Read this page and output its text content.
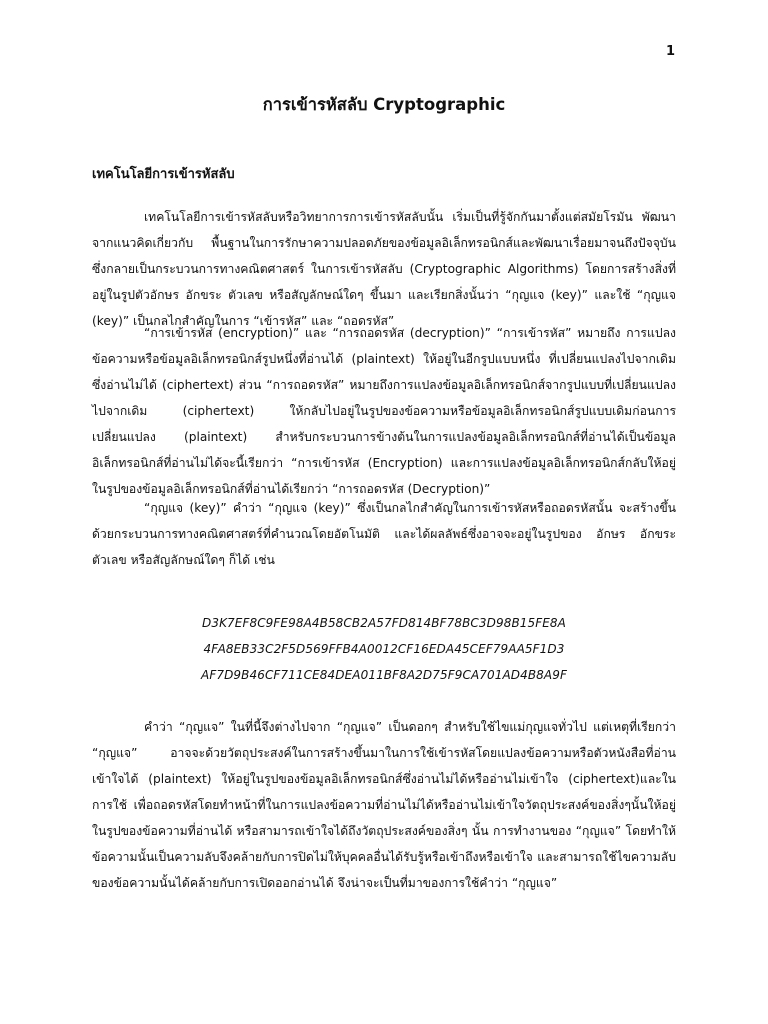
1
การเข้ารหัสลับ Cryptographic
เทคโนโลยีการเข้ารหัสลับ

เทคโนโลยีการเข้ารหัสลับหรือวิทยาการการเข้ารหัสลับนั้น เริ่มเป็นที่รู้จักกันมาตั้งแต่สมัยโรมัน พัฒนาจากแนวคิดเกี่ยวกับ พื้นฐานในการรักษาความปลอดภัยของข้อมูลอิเล็กทรอนิกส์และพัฒนาเรื่อยมาจนถึงปัจจุบัน ซึ่งกลายเป็นกระบวนการทางคณิตศาสตร์ ในการเข้ารหัสลับ (Cryptographic Algorithms) โดยการสร้างสิ่งที่อยู่ในรูปตัวอักษร อักขระ ตัวเลข หรือสัญลักษณ์ใดๆ ขึ้นมา และเรียกสิ่งนั้นว่า “กุญแจ (key)” และใช้ “กุญแจ (key)” เป็นกลไกสำคัญในการ “เข้ารหัส” และ “ถอดรหัส”

“การเข้ารหัส (encryption)” และ “การถอดรหัส (decryption)” “การเข้ารหัส” หมายถึง การแปลงข้อความหรือข้อมูลอิเล็กทรอนิกส์รูปหนึ่งที่อ่านได้ (plaintext) ให้อยู่ในอีกรูปแบบหนึ่ง ที่เปลี่ยนแปลงไปจากเดิมซึ่งอ่านไม่ได้ (ciphertext) ส่วน “การถอดรหัส” หมายถึงการแปลงข้อมูลอิเล็กทรอนิกส์จากรูปแบบที่เปลี่ยนแปลงไปจากเดิม (ciphertext) ให้กลับไปอยู่ในรูปของข้อความหรือข้อมูลอิเล็กทรอนิกส์รูปแบบเดิมก่อนการเปลี่ยนแปลง (plaintext) สำหรับกระบวนการข้างต้นในการแปลงข้อมูลอิเล็กทรอนิกส์ที่อ่านได้เป็นข้อมูลอิเล็กทรอนิกส์ที่อ่านไม่ได้จะนี้เรียกว่า “การเข้ารหัส (Encryption) และการแปลงข้อมูลอิเล็กทรอนิกส์กลับให้อยู่ในรูปของข้อมูลอิเล็กทรอนิกส์ที่อ่านได้เรียกว่า “การถอดรหัส (Decryption)”

“กุญแจ (key)” คำว่า “กุญแจ (key)” ซึ่งเป็นกลไกสำคัญในการเข้ารหัสหรือถอดรหัสนั้น จะสร้างขึ้นด้วยกระบวนการทางคณิตศาสตร์ที่คำนวณโดยอัตโนมัติ และได้ผลลัพธ์ซึ่งอาจจะอยู่ในรูปของ อักษร อักขระ ตัวเลข หรือสัญลักษณ์ใดๆ ก็ได้ เช่น

D3K7EF8C9FE98A4B58CB2A57FD814BF78BC3D98B15FE8A
4FA8EB33C2F5D569FFB4A0012CF16EDA45CEF79AA5F1D3
AF7D9B46CF711CE84DEA011BF8A2D75F9CA701AD4B8A9F

คำว่า “กุญแจ” ในที่นี้จึงต่างไปจาก “กุญแจ” เป็นดอกๆ สำหรับใช้ไขแม่กุญแจทั่วไป แต่เหตุที่เรียกว่า “กุญแจ” อาจจะด้วยวัตถุประสงค์ในการสร้างขึ้นมาในการใช้เข้ารหัสโดยแปลงข้อความหรือตัวหนังสือที่อ่านเข้าใจได้ (plaintext) ให้อยู่ในรูปของข้อมูลอิเล็กทรอนิกส์ซึ่งอ่านไม่ได้หรืออ่านไม่เข้าใจ (ciphertext)และในการใช้ เพื่อถอดรหัสโดยทำหน้าที่ในการแปลงข้อความที่อ่านไม่ได้หรืออ่านไม่เข้าใจวัตถุประสงค์ของสิ่งๆนั้นให้อยู่ในรูปของข้อความที่อ่านได้ หรือสามารถเข้าใจได้ถึงวัตถุประสงค์ของสิ่งๆ นั้น การทำงานของ “กุญแจ” โดยทำให้ข้อความนั้นเป็นความลับจึงคล้ายกับการปิดไม่ให้บุคคลอื่นได้รับรู้หรือเข้าถึงหรือเข้าใจ และสามารถใช้ไขความลับของข้อความนั้นได้คล้ายกับการเปิดออกอ่านได้ จึงน่าจะเป็นที่มาของการใช้คำว่า “กุญแจ”
